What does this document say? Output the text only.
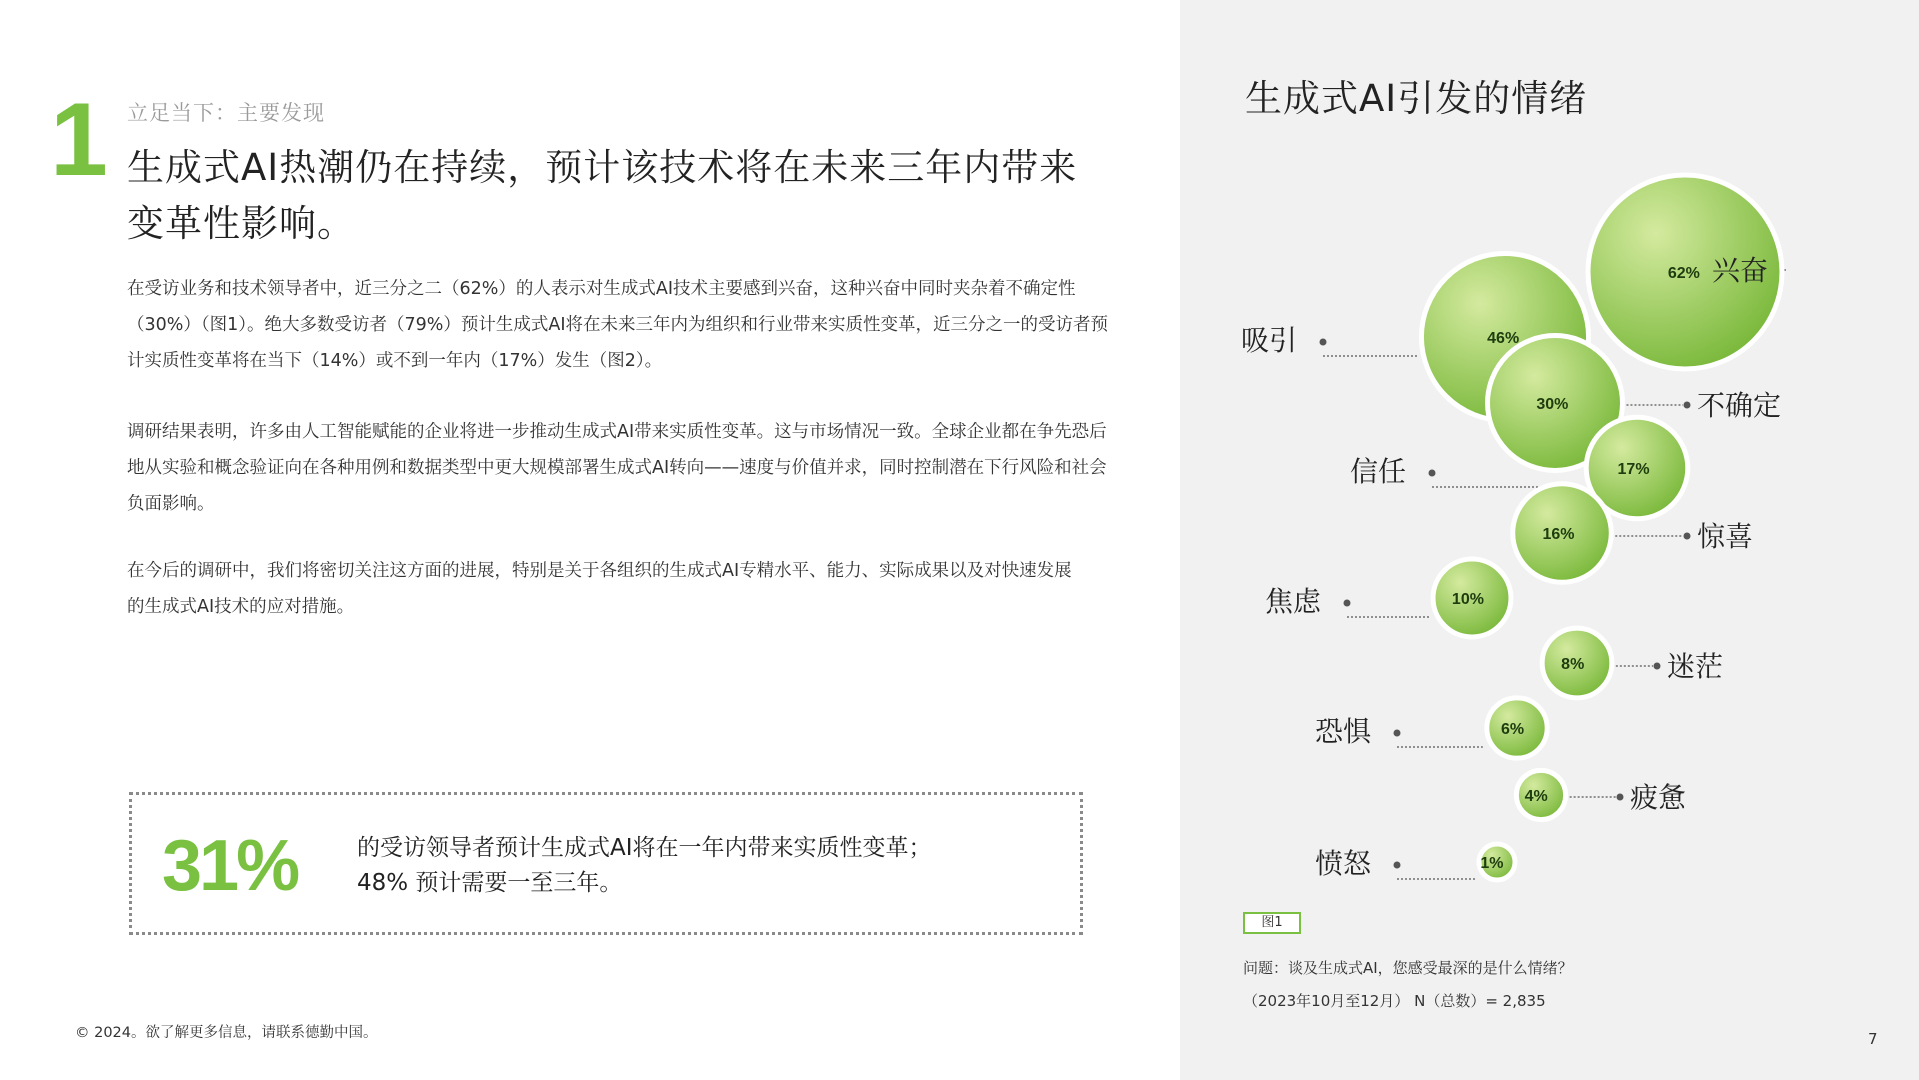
1 立足当下：主要发现
生成式AI热潮仍在持续，预计该技术将在未来三年内带来变革性影响。
在受访业务和技术领导者中，近三分之二（62%）的人表示对生成式AI技术主要感到兴奋，这种兴奋中同时夹杂着不确定性（30%）（图1）。绝大多数受访者（79%）预计生成式AI将在未来三年内为组织和行业带来实质性变革，近三分之一的受访者预计实质性变革将在当下（14%）或不到一年内（17%）发生（图2）。
调研结果表明，许多由人工智能赋能的企业将进一步推动生成式AI带来实质性变革。这与市场情况一致。全球企业都在争先恐后地从实验和概念验证向在各种用例和数据类型中更大规模部署生成式AI转向——速度与价值并求，同时控制潜在下行风险和社会负面影响。
在今后的调研中，我们将密切关注这方面的进展，特别是关于各组织的生成式AI专精水平、能力、实际成果以及对快速发展的生成式AI技术的应对措施。
31%	的受访领导者预计生成式AI将在一年内带来实质性变革；
48% 预计需要一至三年。
© 2024。欲了解更多信息，请联系德勤中国。
生成式AI引发的情绪
62%
46%
30%
17%
16%
10%
8%
6%
4%
1%
兴奋
吸引
不确定
信任
惊喜
焦虑
迷茫
恐惧
疲惫
愤怒
图1
问题：谈及生成式AI，您感受最深的是什么情绪？
（2023年10月至12月） N（总数）= 2,835
7
